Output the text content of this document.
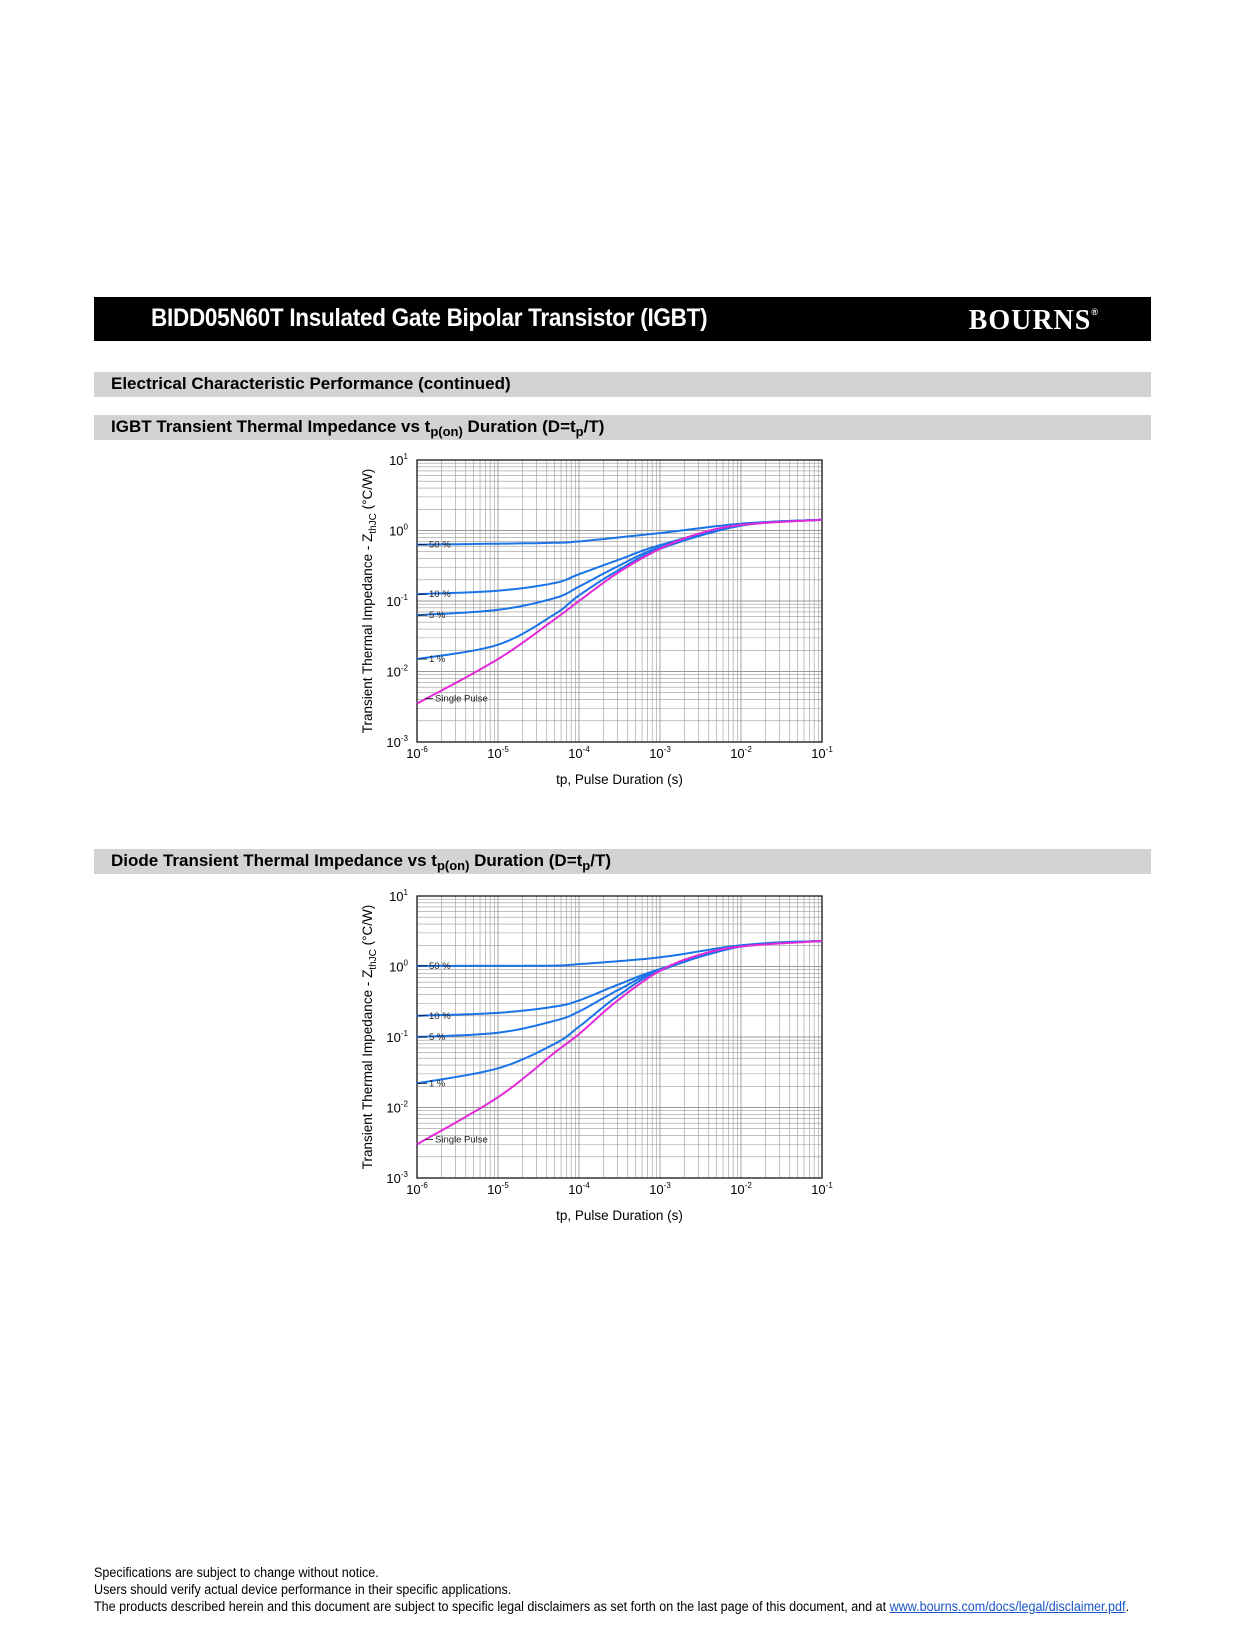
BIDD05N60T Insulated Gate Bipolar Transistor (IGBT)	BOURNS®
Electrical Characteristic Performance (continued)
IGBT Transient Thermal Impedance vs $t_{p(on)}$ Duration $(D=t_p/T)$
50 %
10 %
5 %
1 %
Single Pulse
$10^{-6}$	$10^{-5}$	$10^{-4}$	$10^{-3}$	$10^{-2}$	$10^{-1}$
$10^1$
$10^0$
$10^{-1}$
$10^{-2}$
$10^{-3}$
tp, Pulse Duration (s)
Transient Thermal Impedance - $Z_{thJC}$ (°C/W)
Diode Transient Thermal Impedance vs $t_{p(on)}$ Duration $(D=t_p/T)$
50 %
10 %
5 %
1 %
Single Pulse
$10^{-6}$	$10^{-5}$	$10^{-4}$	$10^{-3}$	$10^{-2}$	$10^{-1}$
$10^1$
$10^0$
$10^{-1}$
$10^{-2}$
$10^{-3}$
tp, Pulse Duration (s)
Transient Thermal Impedance - $Z_{thJC}$ (°C/W)
Specifications are subject to change without notice.
Users should verify actual device performance in their specific applications.
The products described herein and this document are subject to specific legal disclaimers as set forth on the last page of this document, and at www.bourns.com/docs/legal/disclaimer.pdf.
